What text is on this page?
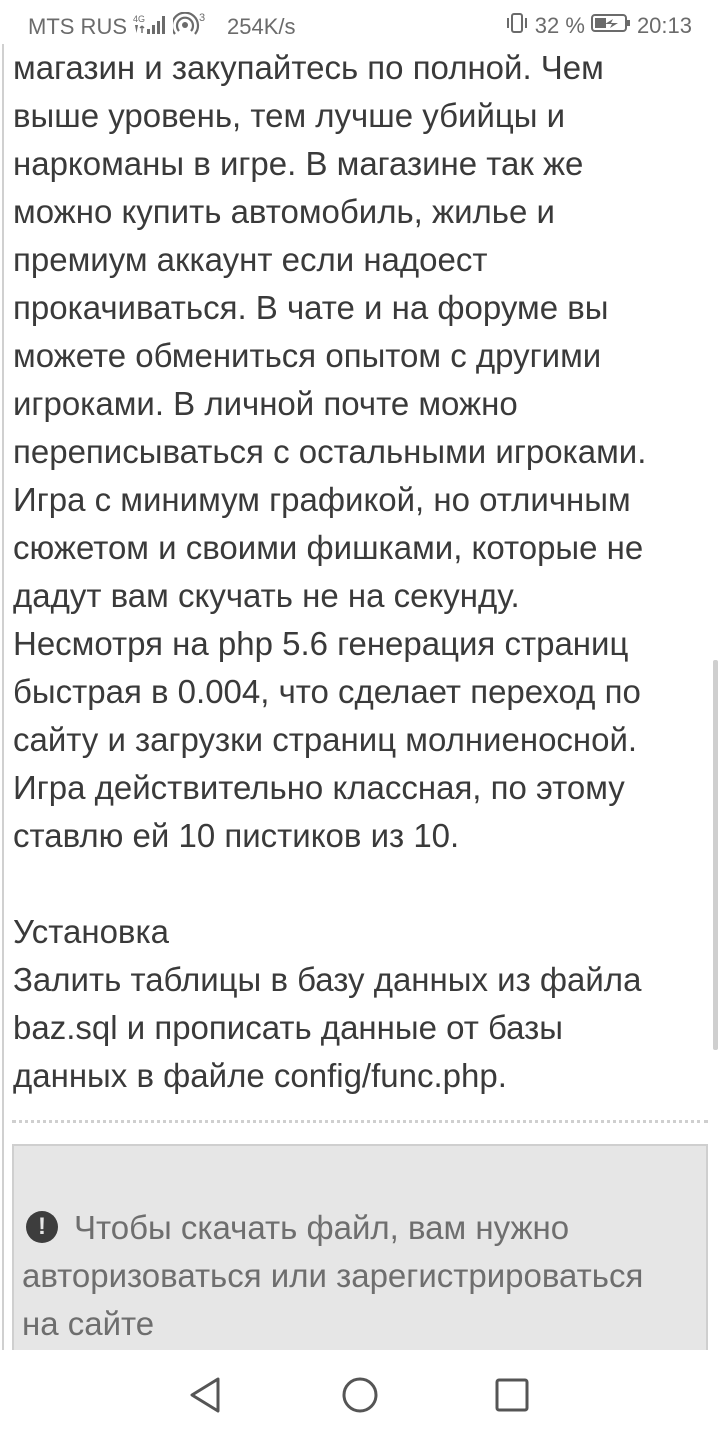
MTS RUS 4G	3 254K/s	32 % 20:13
магазин и закупайтесь по полной. Чем
выше уровень, тем лучше убийцы и
наркоманы в игре. В магазине так же
можно купить автомобиль, жилье и
премиум аккаунт если надоест
прокачиваться. В чате и на форуме вы
можете обмениться опытом с другими
игроками. В личной почте можно
переписываться с остальными игроками.
Игра с минимум графикой, но отличным
сюжетом и своими фишками, которые не
дадут вам скучать не на секунду.
Несмотря на php 5.6 генерация страниц
быстрая в 0.004, что сделает переход по
сайту и загрузки страниц молниеносной.
Игра действительно классная, по этому
ставлю ей 10 пистиков из 10.
Установка
Залить таблицы в базу данных из файла
baz.sql и прописать данные от базы
данных в файле config/func.php.
! Чтобы скачать файл, вам нужно
авторизоваться или зарегистрироваться
на сайте
